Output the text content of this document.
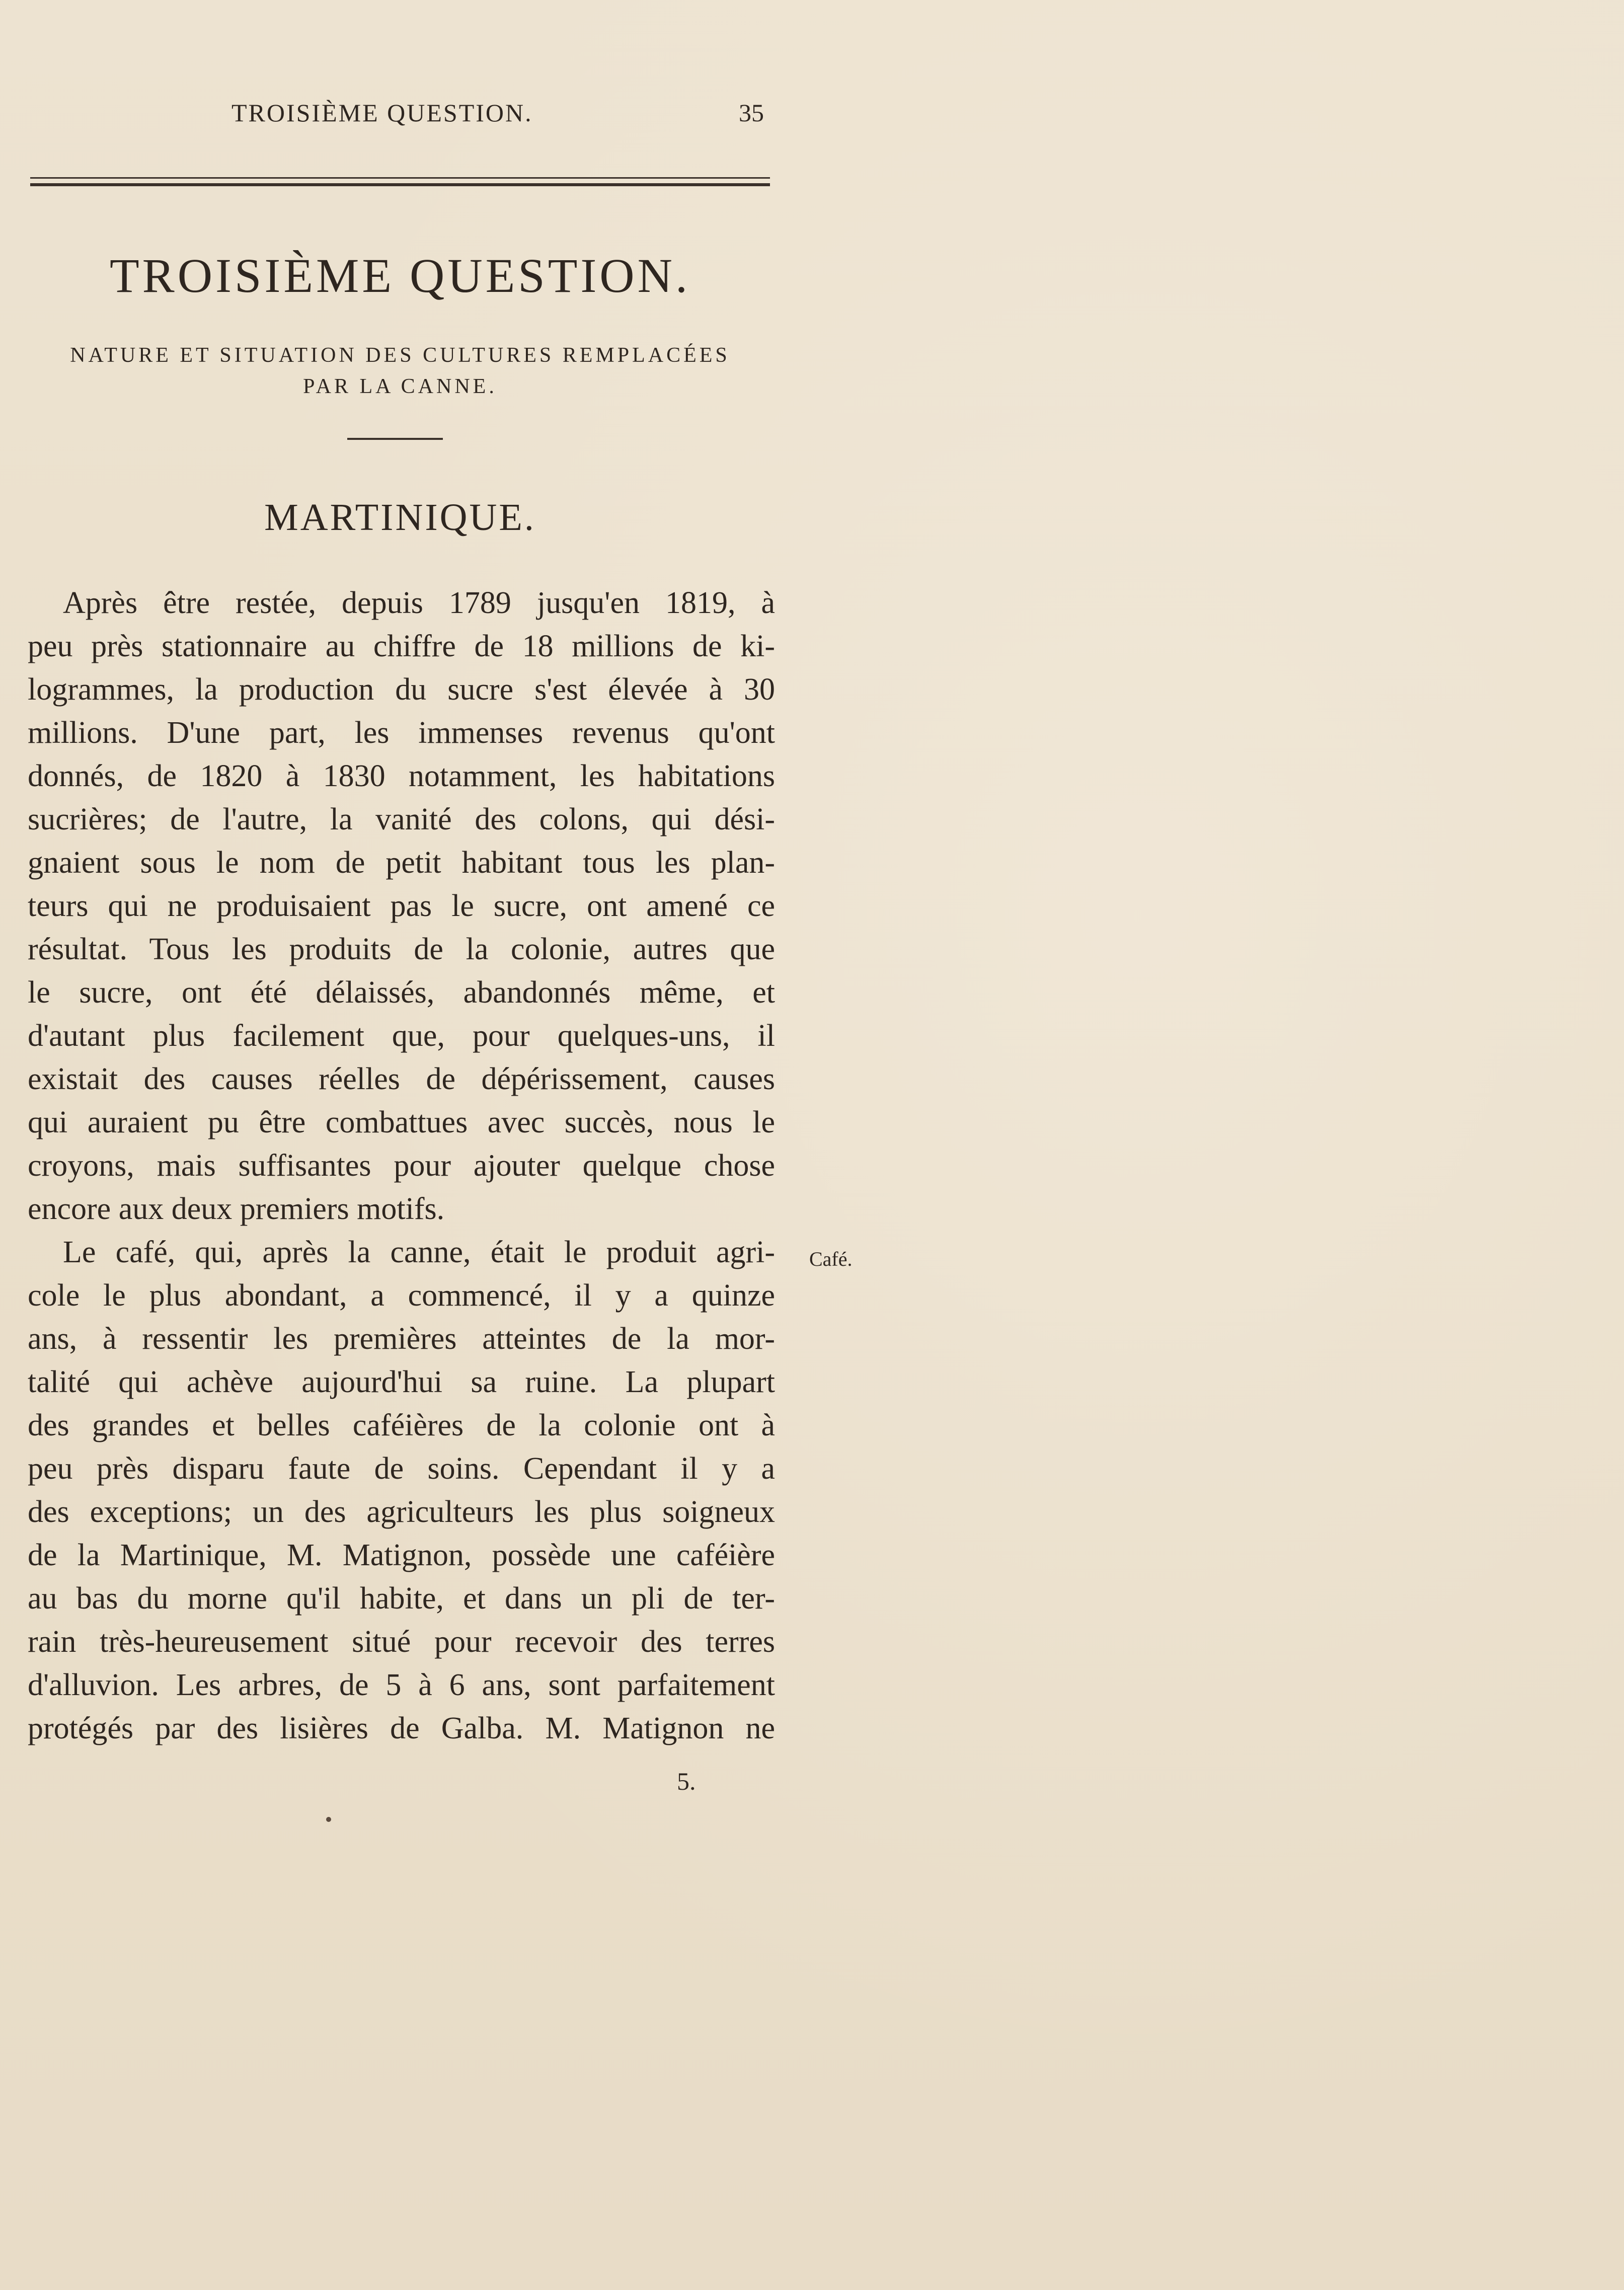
TROISIÈME QUESTION.	35
TROISIÈME QUESTION.
NATURE ET SITUATION DES CULTURES REMPLACÉES
PAR LA CANNE.
MARTINIQUE.
Après être restée, depuis 1789 jusqu'en 1819, à
peu près stationnaire au chiffre de 18 millions de ki-
logrammes, la production du sucre s'est élevée à 30
millions. D'une part, les immenses revenus qu'ont
donnés, de 1820 à 1830 notamment, les habitations
sucrières; de l'autre, la vanité des colons, qui dési-
gnaient sous le nom de petit habitant tous les plan-
teurs qui ne produisaient pas le sucre, ont amené ce
résultat. Tous les produits de la colonie, autres que
le sucre, ont été délaissés, abandonnés même, et
d'autant plus facilement que, pour quelques-uns, il
existait des causes réelles de dépérissement, causes
qui auraient pu être combattues avec succès, nous le
croyons, mais suffisantes pour ajouter quelque chose
encore aux deux premiers motifs.
Le café, qui, après la canne, était le produit agri-
cole le plus abondant, a commencé, il y a quinze
ans, à ressentir les premières atteintes de la mor-
talité qui achève aujourd'hui sa ruine. La plupart
des grandes et belles caféières de la colonie ont à
peu près disparu faute de soins. Cependant il y a
des exceptions; un des agriculteurs les plus soigneux
de la Martinique, M. Matignon, possède une caféière
au bas du morne qu'il habite, et dans un pli de ter-
rain très-heureusement situé pour recevoir des terres
d'alluvion. Les arbres, de 5 à 6 ans, sont parfaitement
protégés par des lisières de Galba. M. Matignon ne
Café.
5.
